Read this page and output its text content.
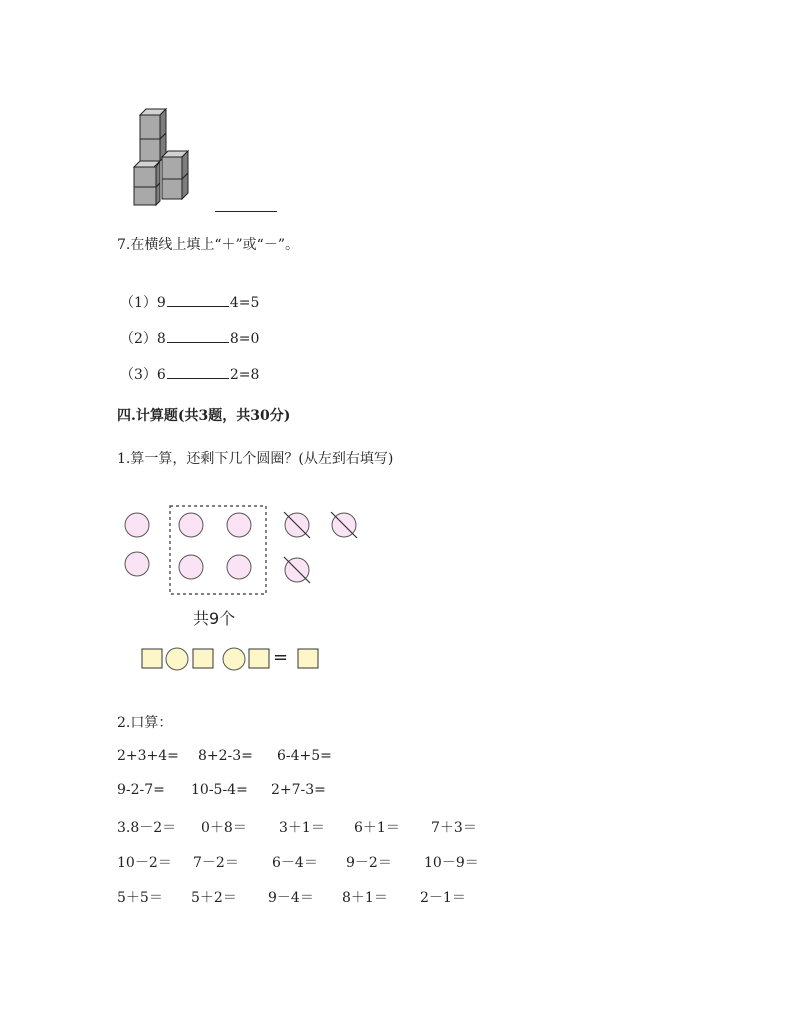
7.在横线上填上“＋”或“－”。
（1）9	4=5
（2）8	8=0
（3）6	2=8
四.计算题(共3题，共30分)
1.算一算，还剩下几个圆圈？(从左到右填写)
共9个
=
2.口算：
2+3+4= 8+2-3= 6-4+5=
9-2-7= 10-5-4= 2+7-3=
3.8－2＝ 0＋8＝ 3＋1＝ 6＋1＝ 7＋3＝
10－2＝ 7－2＝ 6－4＝ 9－2＝ 10－9＝
5＋5＝ 5＋2＝ 9－4＝ 8＋1＝ 2－1＝
